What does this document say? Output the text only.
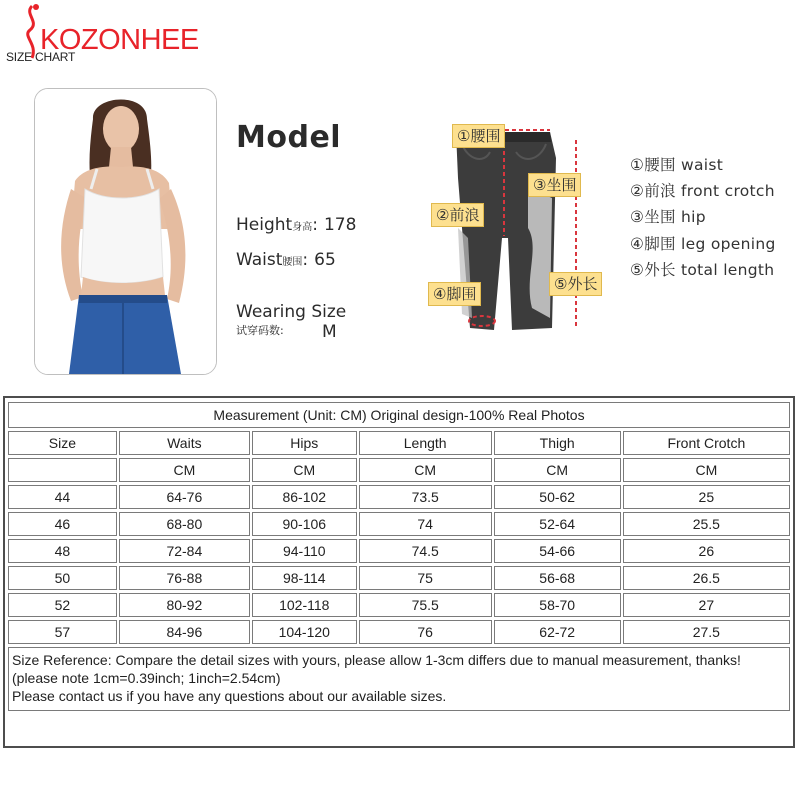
KOZONHEE
SIZE CHART
Model
Height身高: 178
Waist腰围: 65
Wearing Size
试穿码数: M
①腰围
③坐围
②前浪
④脚围
⑤外长
①腰围 waist
②前浪 front crotch
③坐围 hip
④脚围 leg opening
⑤外长 total length
Measurement (Unit: CM) Original design-100% Real Photos					
Size	Waits	Hips	Length	Thigh	Front Crotch
	CM	CM	CM	CM	CM
44	64-76	86-102	73.5	50-62	25
46	68-80	90-106	74	52-64	25.5
48	72-84	94-110	74.5	54-66	26
50	76-88	98-114	75	56-68	26.5
52	80-92	102-118	75.5	58-70	27
57	84-96	104-120	76	62-72	27.5

Size Reference: Compare the detail sizes with yours, please allow 1-3cm differs due to manual measurement, thanks!
(please note 1cm=0.39inch; 1inch=2.54cm)
Please contact us if you have any questions about our available sizes.					
